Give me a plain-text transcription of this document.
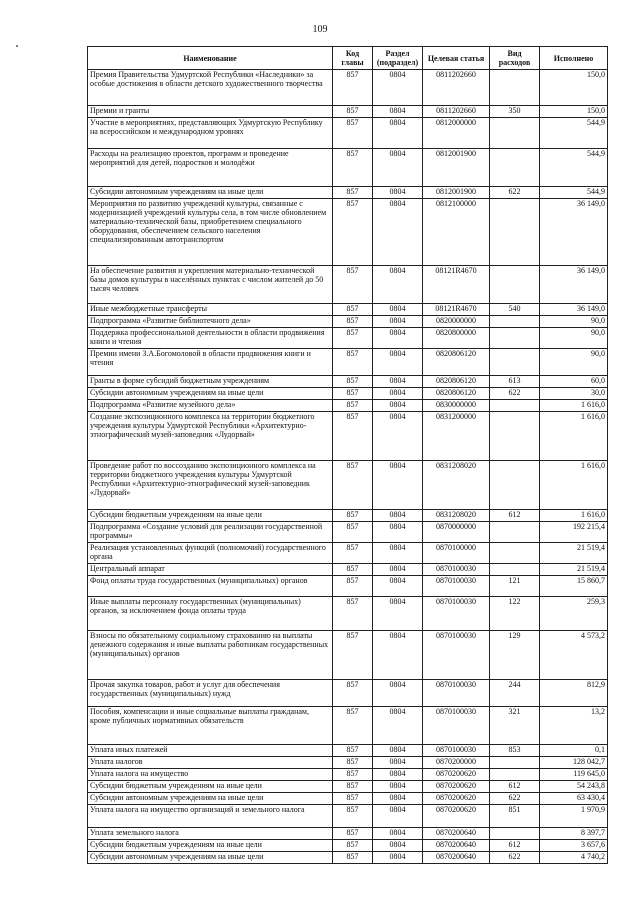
109
Наименование	Код главы	Раздел (подраздел)	Целевая статья	Вид расходов	Исполнено
Премия Правительства Удмуртской Республики «Наследники» за особые достижения в области детского художественного творчества	857	0804	0811202660		150,0
Премии и гранты	857	0804	0811202660	350	150,0
Участие в мероприятиях, представляющих Удмуртскую Республику на всероссийском и международном уровнях	857	0804	0812000000		544,9
Расходы на реализацию проектов, программ и проведение мероприятий для детей, подростков и молодёжи	857	0804	0812001900		544,9
Субсидии автономным учреждениям на иные цели	857	0804	0812001900	622	544,9
Мероприятия по развитию учреждений культуры, связанные с модернизацией учреждений культуры села, в том числе обновлением материально-технической базы, приобретением специального оборудования, обеспечением сельского населения специализированным автотранспортом	857	0804	0812100000		36 149,0
На обеспечение развития и укрепления материально-технической базы домов культуры в населённых пунктах с числом жителей до 50 тысяч человек	857	0804	08121R4670		36 149,0
Иные межбюджетные трансферты	857	0804	08121R4670	540	36 149,0
Подпрограмма «Развитие библиотечного дела»	857	0804	0820000000		90,0
Поддержка профессиональной деятельности в области продвижения книги и чтения	857	0804	0820800000		90,0
Премии имени З.А.Богомоловой в области продвижения книги и чтения	857	0804	0820806120		90,0
Гранты в форме субсидий бюджетным учреждениям	857	0804	0820806120	613	60,0
Субсидии автономным учреждениям на иные цели	857	0804	0820806120	622	30,0
Подпрограмма «Развитие музейного дела»	857	0804	0830000000		1 616,0
Создание экспозиционного комплекса на территории бюджетного учреждения культуры Удмуртской Республики «Архитектурно-этнографический музей-заповедник «Лудорвай»	857	0804	0831200000		1 616,0
Проведение работ по воссозданию экспозиционного комплекса на территории бюджетного учреждения культуры Удмуртской Республики «Архитектурно-этнографический музей-заповедник «Лудорвай»	857	0804	0831208020		1 616,0
Субсидии бюджетным учреждениям на иные цели	857	0804	0831208020	612	1 616,0
Подпрограмма «Создание условий для реализации государственной программы»	857	0804	0870000000		192 215,4
Реализация установленных функций (полномочий) государственного органа	857	0804	0870100000		21 519,4
Центральный аппарат	857	0804	0870100030		21 519,4
Фонд оплаты труда государственных (муниципальных) органов	857	0804	0870100030	121	15 860,7
Иные выплаты персоналу государственных (муниципальных) органов, за исключением фонда оплаты труда	857	0804	0870100030	122	259,3
Взносы по обязательному социальному страхованию на выплаты денежного содержания и иные выплаты работникам государственных (муниципальных) органов	857	0804	0870100030	129	4 573,2
Прочая закупка товаров, работ и услуг для обеспечения государственных (муниципальных) нужд	857	0804	0870100030	244	812,9
Пособия, компенсации и иные социальные выплаты гражданам, кроме публичных нормативных обязательств	857	0804	0870100030	321	13,2
Уплата иных платежей	857	0804	0870100030	853	0,1
Уплата налогов	857	0804	0870200000		128 042,7
Уплата налога на имущество	857	0804	0870200620		119 645,0
Субсидии бюджетным учреждениям на иные цели	857	0804	0870200620	612	54 243,8
Субсидии автономным учреждениям на иные цели	857	0804	0870200620	622	63 430,4
Уплата налога на имущество организаций и земельного налога	857	0804	0870200620	851	1 970,9
Уплата земельного налога	857	0804	0870200640		8 397,7
Субсидии бюджетным учреждениям на иные цели	857	0804	0870200640	612	3 657,6
Субсидии автономным учреждениям на иные цели	857	0804	0870200640	622	4 740,2
